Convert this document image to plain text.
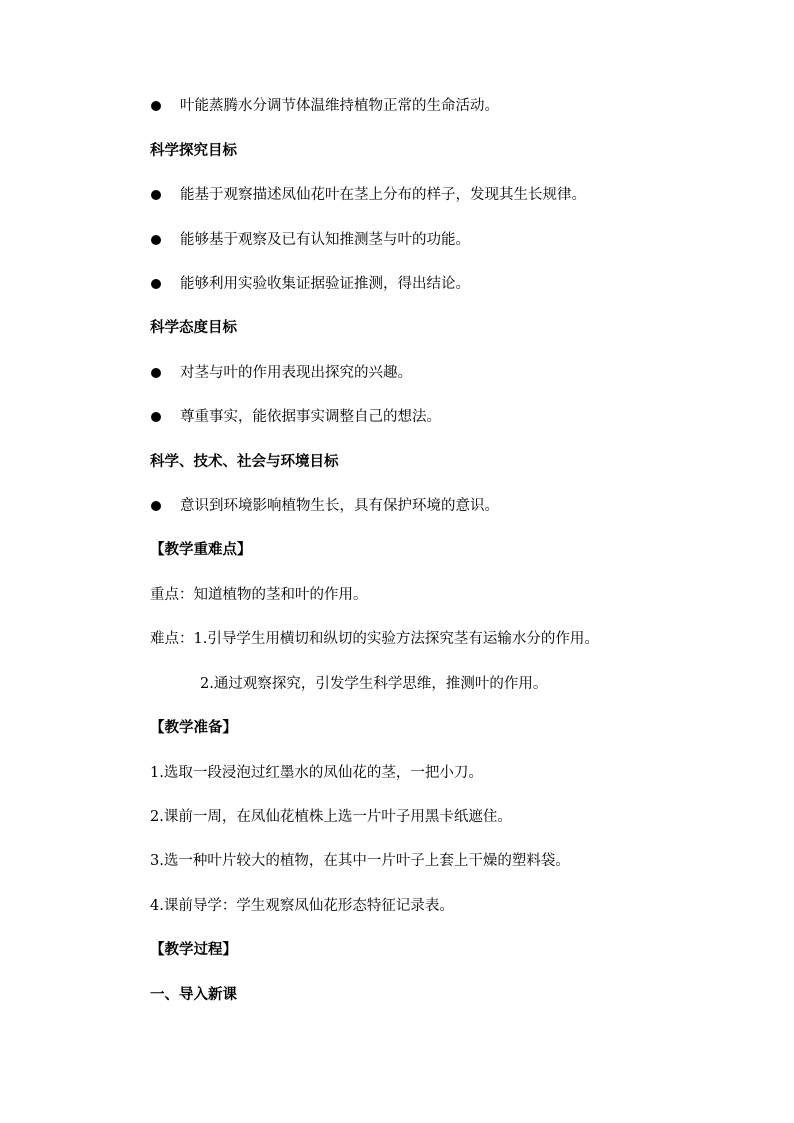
叶能蒸腾水分调节体温维持植物正常的生命活动。
科学探究目标
能基于观察描述凤仙花叶在茎上分布的样子，发现其生长规律。
能够基于观察及已有认知推测茎与叶的功能。
能够利用实验收集证据验证推测，得出结论。
科学态度目标
对茎与叶的作用表现出探究的兴趣。
尊重事实，能依据事实调整自己的想法。
科学、技术、社会与环境目标
意识到环境影响植物生长，具有保护环境的意识。
【教学重难点】
重点：知道植物的茎和叶的作用。
难点：1.引导学生用横切和纵切的实验方法探究茎有运输水分的作用。
2.通过观察探究，引发学生科学思维，推测叶的作用。
【教学准备】
1.选取一段浸泡过红墨水的凤仙花的茎，一把小刀。
2.课前一周，在凤仙花植株上选一片叶子用黑卡纸遮住。
3.选一种叶片较大的植物，在其中一片叶子上套上干燥的塑料袋。
4.课前导学：学生观察凤仙花形态特征记录表。
【教学过程】
一、导入新课
